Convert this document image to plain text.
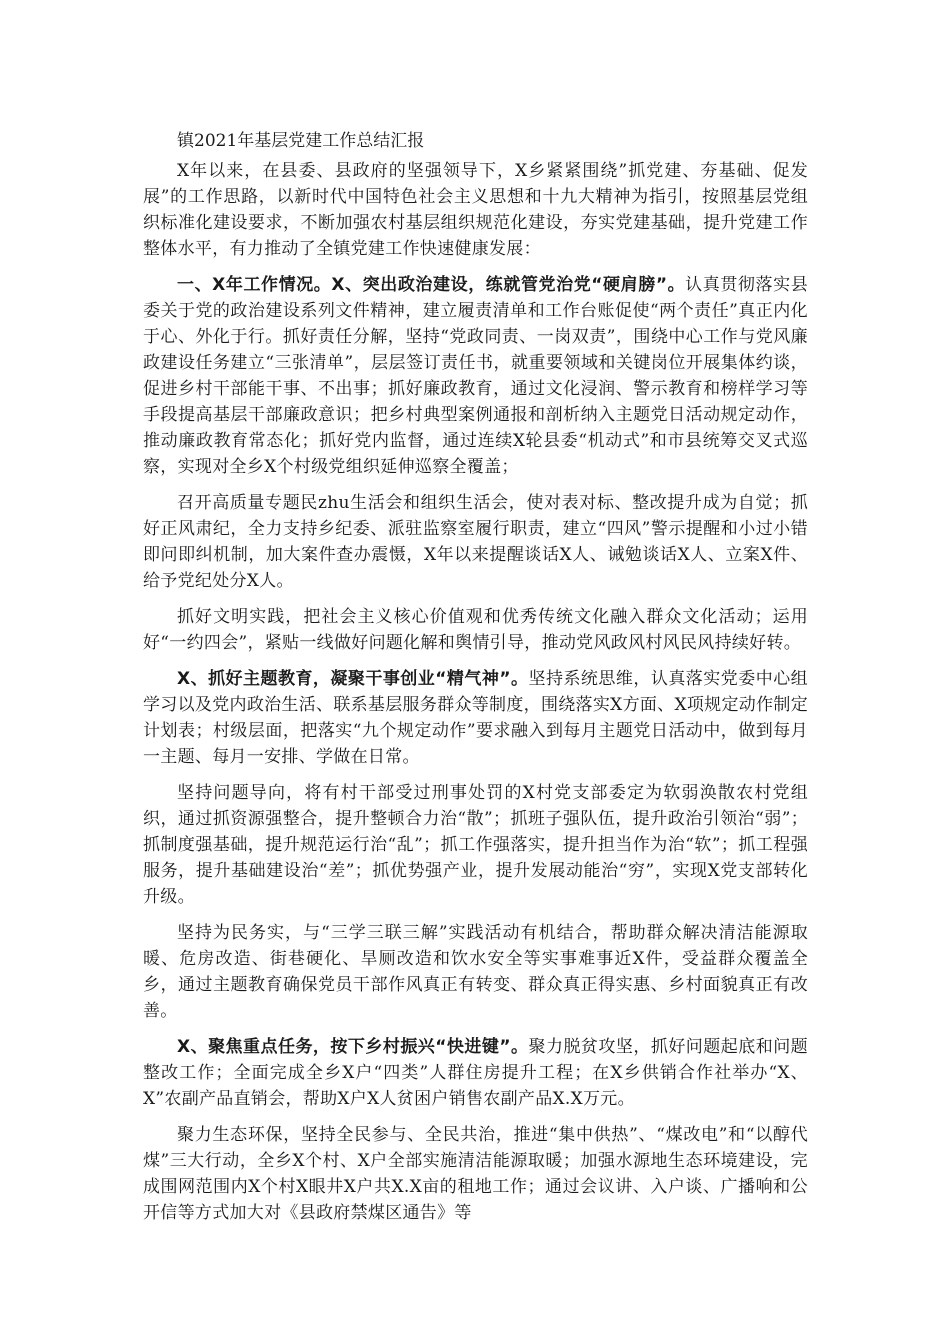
镇2021年基层党建工作总结汇报

X年以来，在县委、县政府的坚强领导下，X乡紧紧围绕”抓党建、夯基础、促发展”的工作思路，以新时代中国特色社会主义思想和十九大精神为指引，按照基层党组织标准化建设要求，不断加强农村基层组织规范化建设，夯实党建基础，提升党建工作整体水平，有力推动了全镇党建工作快速健康发展：

一、X年工作情况。X、突出政治建设，练就管党治党“硬肩膀”。认真贯彻落实县委关于党的政治建设系列文件精神，建立履责清单和工作台账促使“两个责任”真正内化于心、外化于行。抓好责任分解，坚持“党政同责、一岗双责”，围绕中心工作与党风廉政建设任务建立“三张清单”，层层签订责任书，就重要领域和关键岗位开展集体约谈，促进乡村干部能干事、不出事；抓好廉政教育，通过文化浸润、警示教育和榜样学习等手段提高基层干部廉政意识；把乡村典型案例通报和剖析纳入主题党日活动规定动作，推动廉政教育常态化；抓好党内监督，通过连续X轮县委“机动式”和市县统筹交叉式巡察，实现对全乡X个村级党组织延伸巡察全覆盖；

召开高质量专题民zhu生活会和组织生活会，使对表对标、整改提升成为自觉；抓好正风肃纪，全力支持乡纪委、派驻监察室履行职责，建立“四风”警示提醒和小过小错即问即纠机制，加大案件查办震慑，X年以来提醒谈话X人、诫勉谈话X人、立案X件、给予党纪处分X人。

抓好文明实践，把社会主义核心价值观和优秀传统文化融入群众文化活动；运用好“一约四会”，紧贴一线做好问题化解和舆情引导，推动党风政风村风民风持续好转。

X、抓好主题教育，凝聚干事创业“精气神”。坚持系统思维，认真落实党委中心组学习以及党内政治生活、联系基层服务群众等制度，围绕落实X方面、X项规定动作制定计划表；村级层面，把落实“九个规定动作”要求融入到每月主题党日活动中，做到每月一主题、每月一安排、学做在日常。

坚持问题导向，将有村干部受过刑事处罚的X村党支部委定为软弱涣散农村党组织，通过抓资源强整合，提升整顿合力治“散”；抓班子强队伍，提升政治引领治“弱”；抓制度强基础，提升规范运行治“乱”；抓工作强落实，提升担当作为治“软”；抓工程强服务，提升基础建设治“差”；抓优势强产业，提升发展动能治“穷”，实现X党支部转化升级。

坚持为民务实，与“三学三联三解”实践活动有机结合，帮助群众解决清洁能源取暖、危房改造、街巷硬化、旱厕改造和饮水安全等实事难事近X件，受益群众覆盖全乡，通过主题教育确保党员干部作风真正有转变、群众真正得实惠、乡村面貌真正有改善。

X、聚焦重点任务，按下乡村振兴“快进键”。聚力脱贫攻坚，抓好问题起底和问题整改工作；全面完成全乡X户“四类”人群住房提升工程；在X乡供销合作社举办“X、X”农副产品直销会，帮助X户X人贫困户销售农副产品X.X万元。

聚力生态环保，坚持全民参与、全民共治，推进“集中供热”、“煤改电”和“以醇代煤”三大行动，全乡X个村、X户全部实施清洁能源取暖；加强水源地生态环境建设，完成围网范围内X个村X眼井X户共X.X亩的租地工作；通过会议讲、入户谈、广播响和公开信等方式加大对《县政府禁煤区通告》等
